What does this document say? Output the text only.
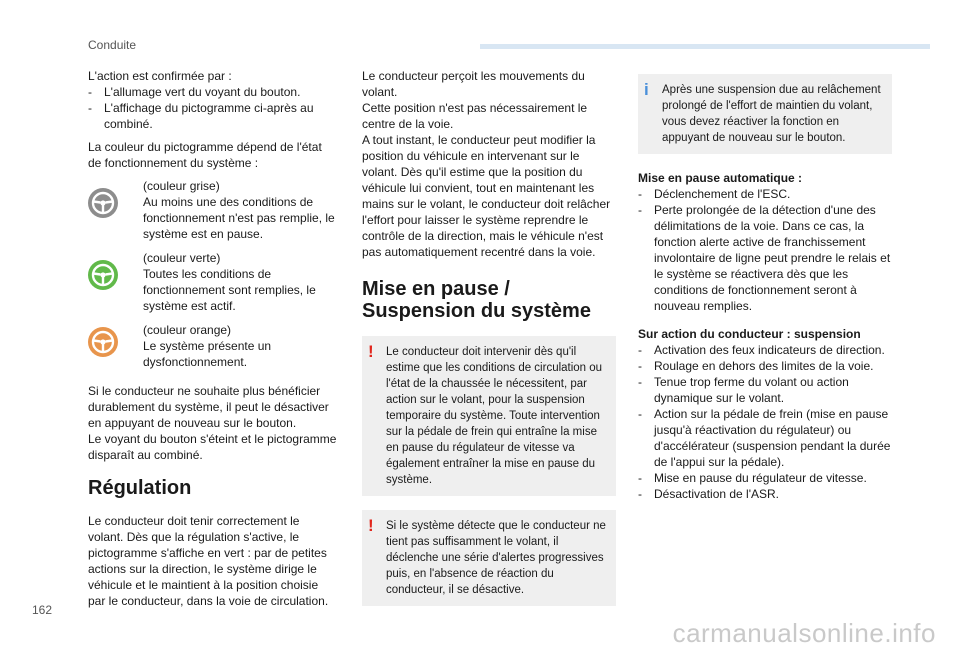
Conduite

L'action est confirmée par :

- L'allumage vert du voyant du bouton.
- L'affichage du pictogramme ci-après au combiné.

La couleur du pictogramme dépend de l'état de fonctionnement du système :

(couleur grise)

Au moins une des conditions de fonctionnement n'est pas remplie, le système est en pause.

(couleur verte)

Toutes les conditions de fonctionnement sont remplies, le système est actif.

(couleur orange)

Le système présente un dysfonctionnement.

Si le conducteur ne souhaite plus bénéficier durablement du système, il peut le désactiver en appuyant de nouveau sur le bouton.

Le voyant du bouton s'éteint et le pictogramme disparaît au combiné.

Régulation

Le conducteur doit tenir correctement le volant. Dès que la régulation s'active, le pictogramme s'affiche en vert : par de petites actions sur la direction, le système dirige le véhicule et le maintient à la position choisie par le conducteur, dans la voie de circulation.

Le conducteur perçoit les mouvements du volant.

Cette position n'est pas nécessairement le centre de la voie.

A tout instant, le conducteur peut modifier la position du véhicule en intervenant sur le volant. Dès qu'il estime que la position du véhicule lui convient, tout en maintenant les mains sur le volant, le conducteur doit relâcher l'effort pour laisser le système reprendre le contrôle de la direction, mais le véhicule n'est pas automatiquement recentré dans la voie.

Mise en pause / Suspension du système
! Le conducteur doit intervenir dès qu'il estime que les conditions de circulation ou l'état de la chaussée le nécessitent, par action sur le volant, pour la suspension temporaire du système. Toute intervention sur la pédale de frein qui entraîne la mise en pause du régulateur de vitesse va également entraîner la mise en pause du système.

! Si le système détecte que le conducteur ne tient pas suffisamment le volant, il déclenche une série d'alertes progressives puis, en l'absence de réaction du conducteur, il se désactive.

i Après une suspension due au relâchement prolongé de l'effort de maintien du volant, vous devez réactiver la fonction en appuyant de nouveau sur le bouton.

Mise en pause automatique :

- Déclenchement de l'ESC.
- Perte prolongée de la détection d'une des délimitations de la voie. Dans ce cas, la fonction alerte active de franchissement involontaire de ligne peut prendre le relais et le système se réactivera dès que les conditions de fonctionnement seront à nouveau remplies.

Sur action du conducteur : suspension

- Activation des feux indicateurs de direction.
- Roulage en dehors des limites de la voie.
- Tenue trop ferme du volant ou action dynamique sur le volant.
- Action sur la pédale de frein (mise en pause jusqu'à réactivation du régulateur) ou d'accélérateur (suspension pendant la durée de l'appui sur la pédale).
- Mise en pause du régulateur de vitesse.
- Désactivation de l'ASR.
162
carmanualsonline.info
